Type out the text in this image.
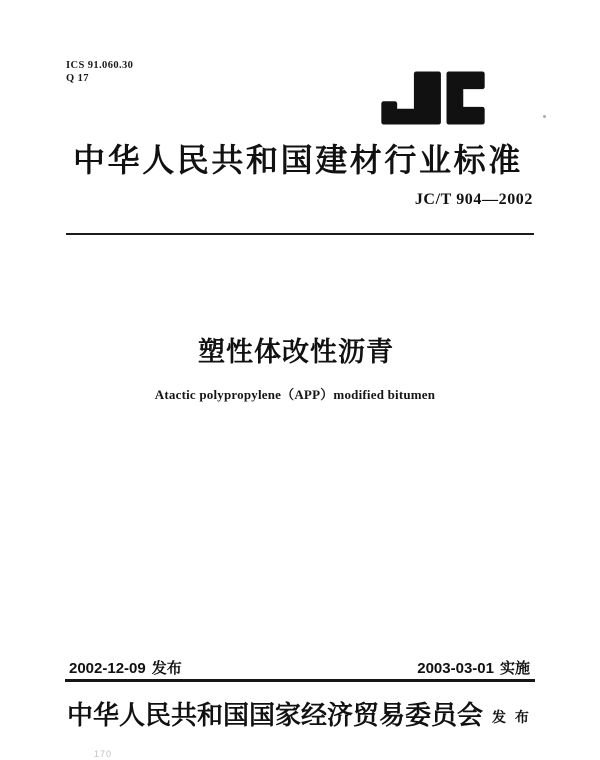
ICS 91.060.30
Q 17
中华人民共和国建材行业标准
JC/T 904—2002
塑性体改性沥青
Atactic polypropylene（APP）modified bitumen
2002-12-09 发布	2003-03-01 实施
中华人民共和国国家经济贸易委员会 发 布
170
